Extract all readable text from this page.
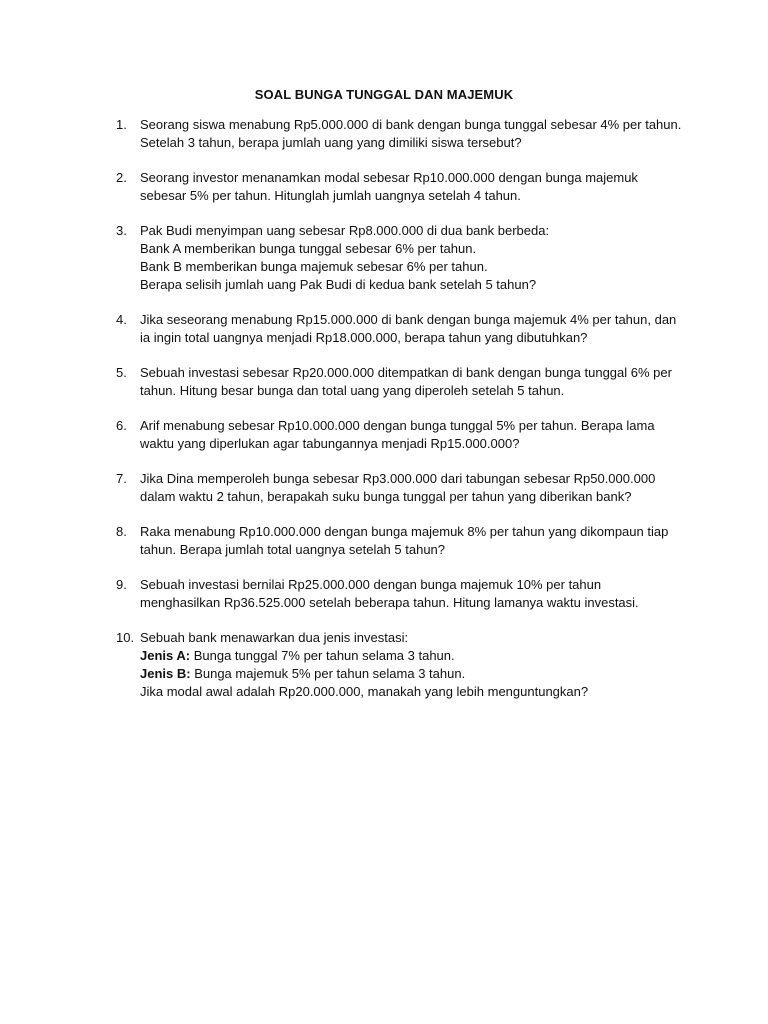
SOAL BUNGA TUNGGAL DAN MAJEMUK
1.	Seorang siswa menabung Rp5.000.000 di bank dengan bunga tunggal sebesar 4% per tahun.
Setelah 3 tahun, berapa jumlah uang yang dimiliki siswa tersebut?
2.	Seorang investor menanamkan modal sebesar Rp10.000.000 dengan bunga majemuk
sebesar 5% per tahun. Hitunglah jumlah uangnya setelah 4 tahun.
3.	Pak Budi menyimpan uang sebesar Rp8.000.000 di dua bank berbeda:
Bank A memberikan bunga tunggal sebesar 6% per tahun.
Bank B memberikan bunga majemuk sebesar 6% per tahun.
Berapa selisih jumlah uang Pak Budi di kedua bank setelah 5 tahun?
4.	Jika seseorang menabung Rp15.000.000 di bank dengan bunga majemuk 4% per tahun, dan
ia ingin total uangnya menjadi Rp18.000.000, berapa tahun yang dibutuhkan?
5.	Sebuah investasi sebesar Rp20.000.000 ditempatkan di bank dengan bunga tunggal 6% per
tahun. Hitung besar bunga dan total uang yang diperoleh setelah 5 tahun.
6.	Arif menabung sebesar Rp10.000.000 dengan bunga tunggal 5% per tahun. Berapa lama
waktu yang diperlukan agar tabungannya menjadi Rp15.000.000?
7.	Jika Dina memperoleh bunga sebesar Rp3.000.000 dari tabungan sebesar Rp50.000.000
dalam waktu 2 tahun, berapakah suku bunga tunggal per tahun yang diberikan bank?
8.	Raka menabung Rp10.000.000 dengan bunga majemuk 8% per tahun yang dikompaun tiap
tahun. Berapa jumlah total uangnya setelah 5 tahun?
9.	Sebuah investasi bernilai Rp25.000.000 dengan bunga majemuk 10% per tahun
menghasilkan Rp36.525.000 setelah beberapa tahun. Hitung lamanya waktu investasi.
10. Sebuah bank menawarkan dua jenis investasi:
Jenis A: Bunga tunggal 7% per tahun selama 3 tahun.
Jenis B: Bunga majemuk 5% per tahun selama 3 tahun.
Jika modal awal adalah Rp20.000.000, manakah yang lebih menguntungkan?
